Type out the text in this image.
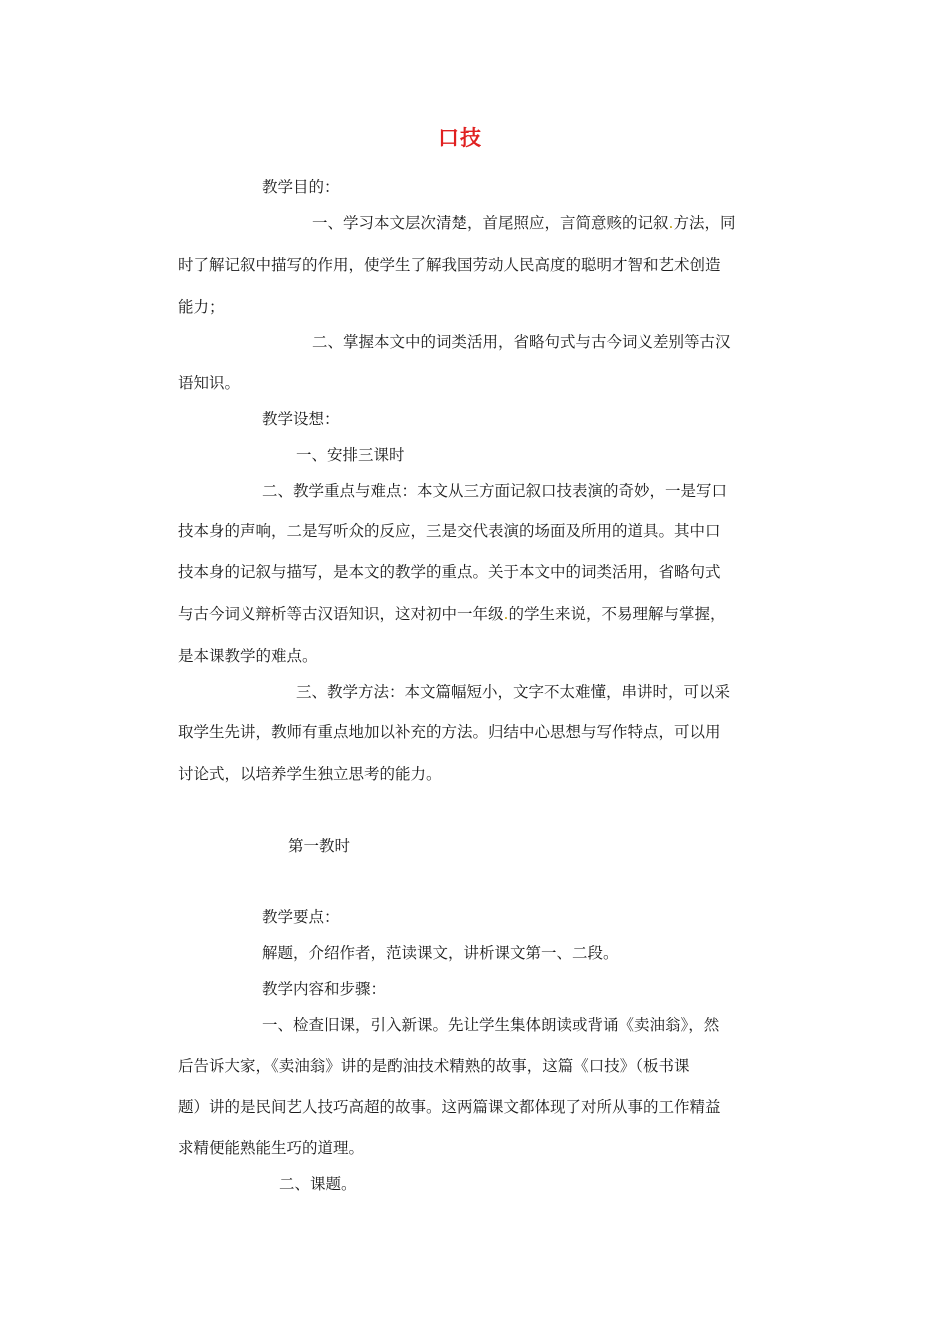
口技
教学目的：
一、学习本文层次清楚，首尾照应，言简意赅的记叙.方法，同
时了解记叙中描写的作用，使学生了解我国劳动人民高度的聪明才智和艺术创造
能力；
二、掌握本文中的词类活用，省略句式与古今词义差别等古汉
语知识。
教学设想：
一、安排三课时
二、教学重点与难点：本文从三方面记叙口技表演的奇妙，一是写口
技本身的声响，二是写听众的反应，三是交代表演的场面及所用的道具。其中口
技本身的记叙与描写，是本文的教学的重点。关于本文中的词类活用，省略句式
与古今词义辩析等古汉语知识，这对初中一年级.的学生来说，不易理解与掌握，
是本课教学的难点。
三、教学方法：本文篇幅短小，文字不太难懂，串讲时，可以采
取学生先讲，教师有重点地加以补充的方法。归结中心思想与写作特点，可以用
讨论式，以培养学生独立思考的能力。
第一教时
教学要点：
解题，介绍作者，范读课文，讲析课文第一、二段。
教学内容和步骤：
一、检查旧课，引入新课。先让学生集体朗读或背诵《卖油翁》，然
后告诉大家，《卖油翁》讲的是酌油技术精熟的故事，这篇《口技》（板书课
题）讲的是民间艺人技巧高超的故事。这两篇课文都体现了对所从事的工作精益
求精便能熟能生巧的道理。
二、课题。
